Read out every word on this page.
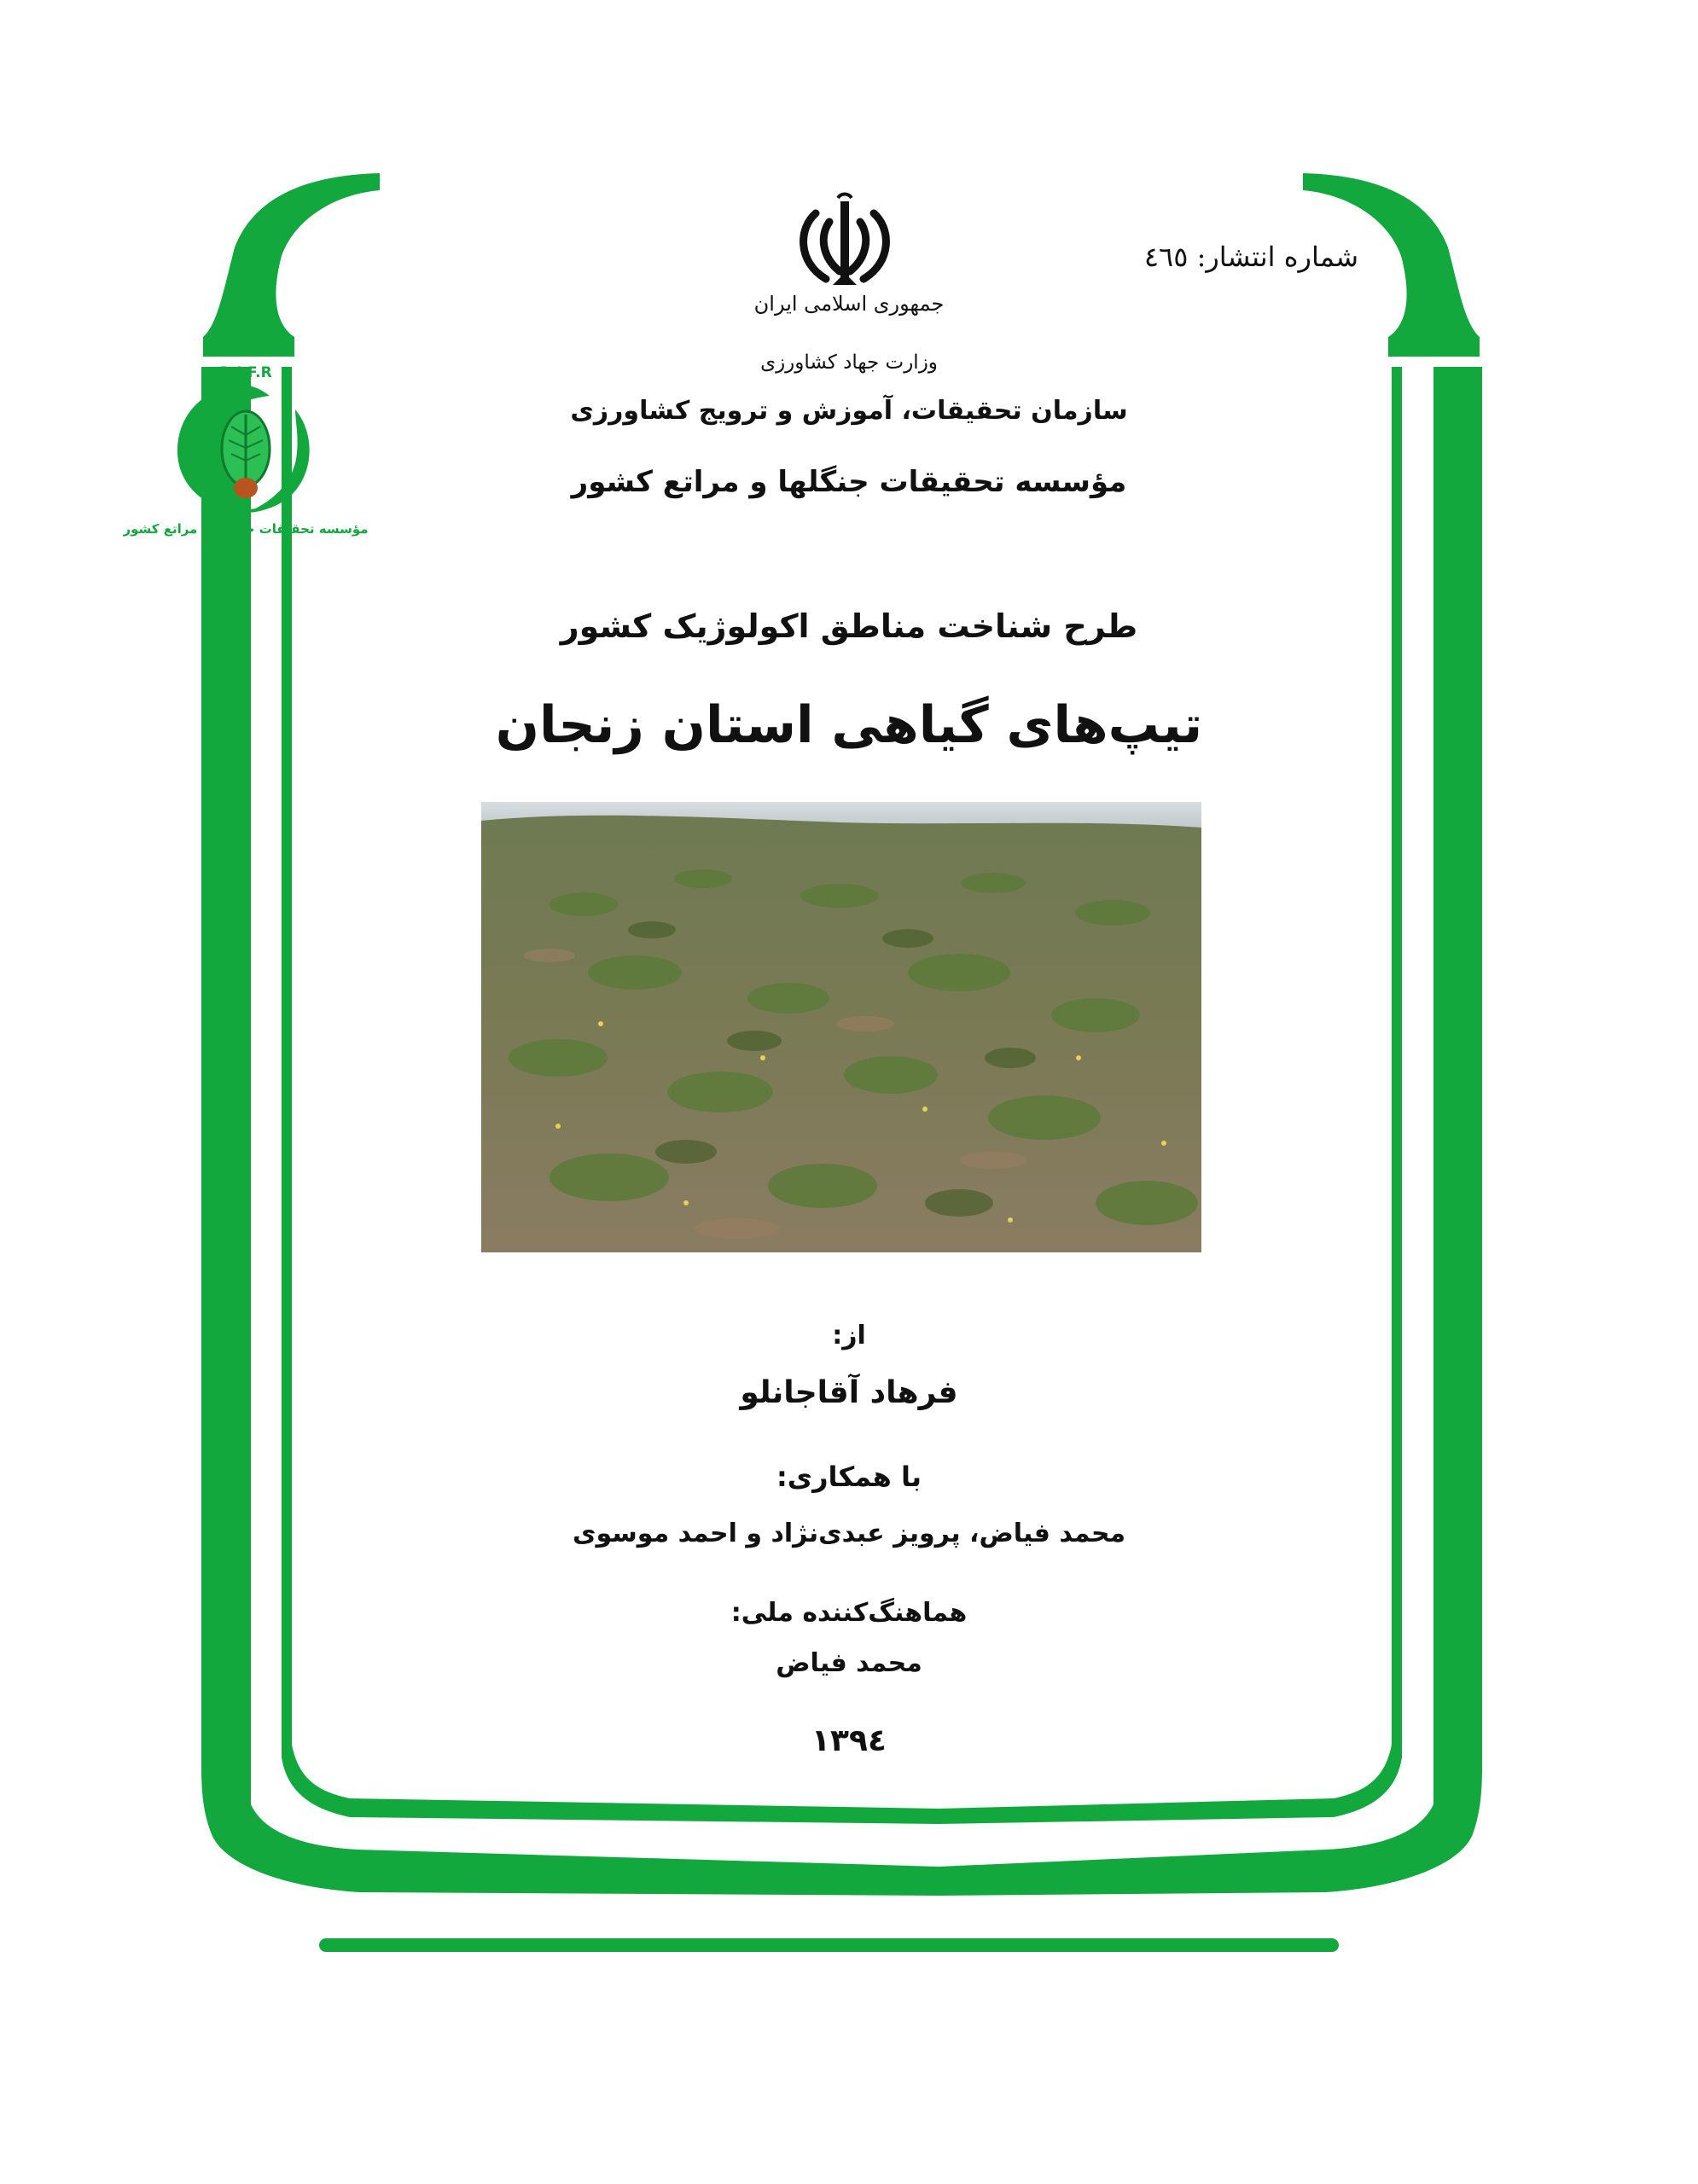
R.I.F.R
مؤسسه تحقیقات جنگلها و مراتع کشور
شماره انتشار: ٤٦٥
جمهوری اسلامی ایران
وزارت جهاد کشاورزی
سازمان تحقیقات، آموزش و ترویج کشاورزی
مؤسسه تحقیقات جنگلها و مراتع کشور
طرح شناخت مناطق اکولوژیک کشور
تیپ‌های گیاهی استان زنجان
از:
فرهاد آقاجانلو
با همکاری:
محمد فیاض، پرویز عبدی‌نژاد و احمد موسوی
هماهنگ‌کننده ملی:
محمد فیاض
١٣٩٤
